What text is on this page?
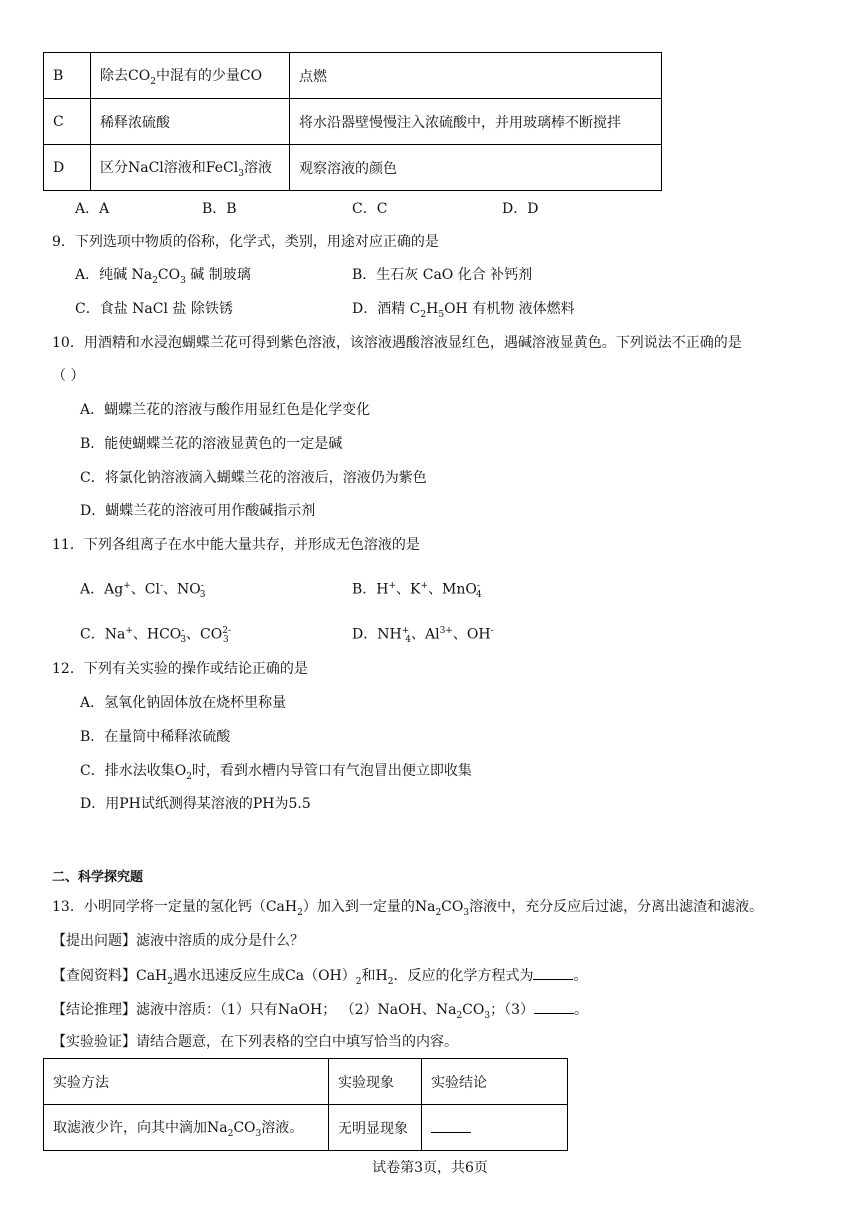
B	除去$CO_2$中混有的少量CO	点燃
C	稀释浓硫酸	将水沿器壁慢慢注入浓硫酸中，并用玻璃棒不断搅拌
D	区分NaCl溶液和FeCl$_3$溶液	观察溶液的颜色
A．A	B．B	C．C	D．D
9．下列选项中物质的俗称，化学式，类别，用途对应正确的是
A．纯碱 $Na_2CO_3$ 碱 制玻璃	B．生石灰 CaO 化合 补钙剂
C．食盐 NaCl 盐 除铁锈	D．酒精 $C_2H_5OH$ 有机物 液体燃料
10．用酒精和水浸泡蝴蝶兰花可得到紫色溶液，该溶液遇酸溶液显红色，遇碱溶液显黄色。下列说法不正确的是
（ ）
A．蝴蝶兰花的溶液与酸作用显红色是化学变化
B．能使蝴蝶兰花的溶液显黄色的一定是碱
C．将氯化钠溶液滴入蝴蝶兰花的溶液后，溶液仍为紫色
D．蝴蝶兰花的溶液可用作酸碱指示剂
11．下列各组离子在水中能大量共存，并形成无色溶液的是
A．Ag+、Cl-、$NO^-_3$	B．H+、K+、MnO-$_4$
C．Na+、$HCO^-_3$、$CO^{2-}_3$	D．$NH^+_4$、$Al^{3+}$、OH-
12．下列有关实验的操作或结论正确的是
A．氢氧化钠固体放在烧杯里称量
B．在量筒中稀释浓硫酸
C．排水法收集$O_2$时，看到水槽内导管口有气泡冒出便立即收集
D．用PH试纸测得某溶液的PH为5.5
二、科学探究题
13．小明同学将一定量的氢化钙（CaH$_2$）加入到一定量的$Na_2CO_3$溶液中，充分反应后过滤，分离出滤渣和滤液。
【提出问题】滤液中溶质的成分是什么？
【查阅资料】CaH$_2$遇水迅速反应生成$Ca(OH)_2$和$H_2$．反应的化学方程式为	。
【结论推理】滤液中溶质：（1）只有NaOH； （2）NaOH、$Na_2CO_3$；（3）	。
【实验验证】请结合题意，在下列表格的空白中填写恰当的内容。
实验方法	实验现象	实验结论
取滤液少许，向其中滴加$Na_2CO_3$溶液。	无明显现象	
试卷第3页，共6页
